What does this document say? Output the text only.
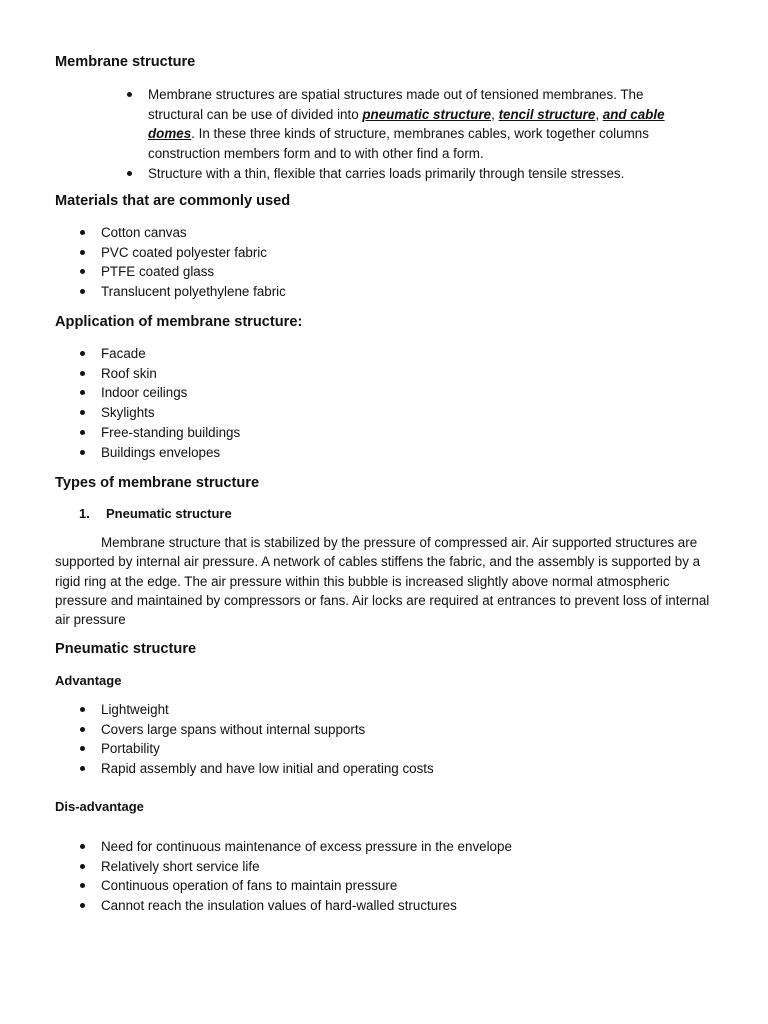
Membrane structure
Membrane structures are spatial structures made out of tensioned membranes. The structural can be use of divided into pneumatic structure, tencil structure, and cable domes. In these three kinds of structure, membranes cables, work together columns construction members form and to with other find a form.
Structure with a thin, flexible that carries loads primarily through tensile stresses.
Materials that are commonly used
Cotton canvas
PVC coated polyester fabric
PTFE coated glass
Translucent polyethylene fabric
Application of membrane structure:
Facade
Roof skin
Indoor ceilings
Skylights
Free-standing buildings
Buildings envelopes
Types of membrane structure
1. Pneumatic structure

Membrane structure that is stabilized by the pressure of compressed air. Air supported structures are supported by internal air pressure. A network of cables stiffens the fabric, and the assembly is supported by a rigid ring at the edge. The air pressure within this bubble is increased slightly above normal atmospheric pressure and maintained by compressors or fans. Air locks are required at entrances to prevent loss of internal air pressure

Pneumatic structure
Advantage
Lightweight
Covers large spans without internal supports
Portability
Rapid assembly and have low initial and operating costs
Dis-advantage
Need for continuous maintenance of excess pressure in the envelope
Relatively short service life
Continuous operation of fans to maintain pressure
Cannot reach the insulation values of hard-walled structures
